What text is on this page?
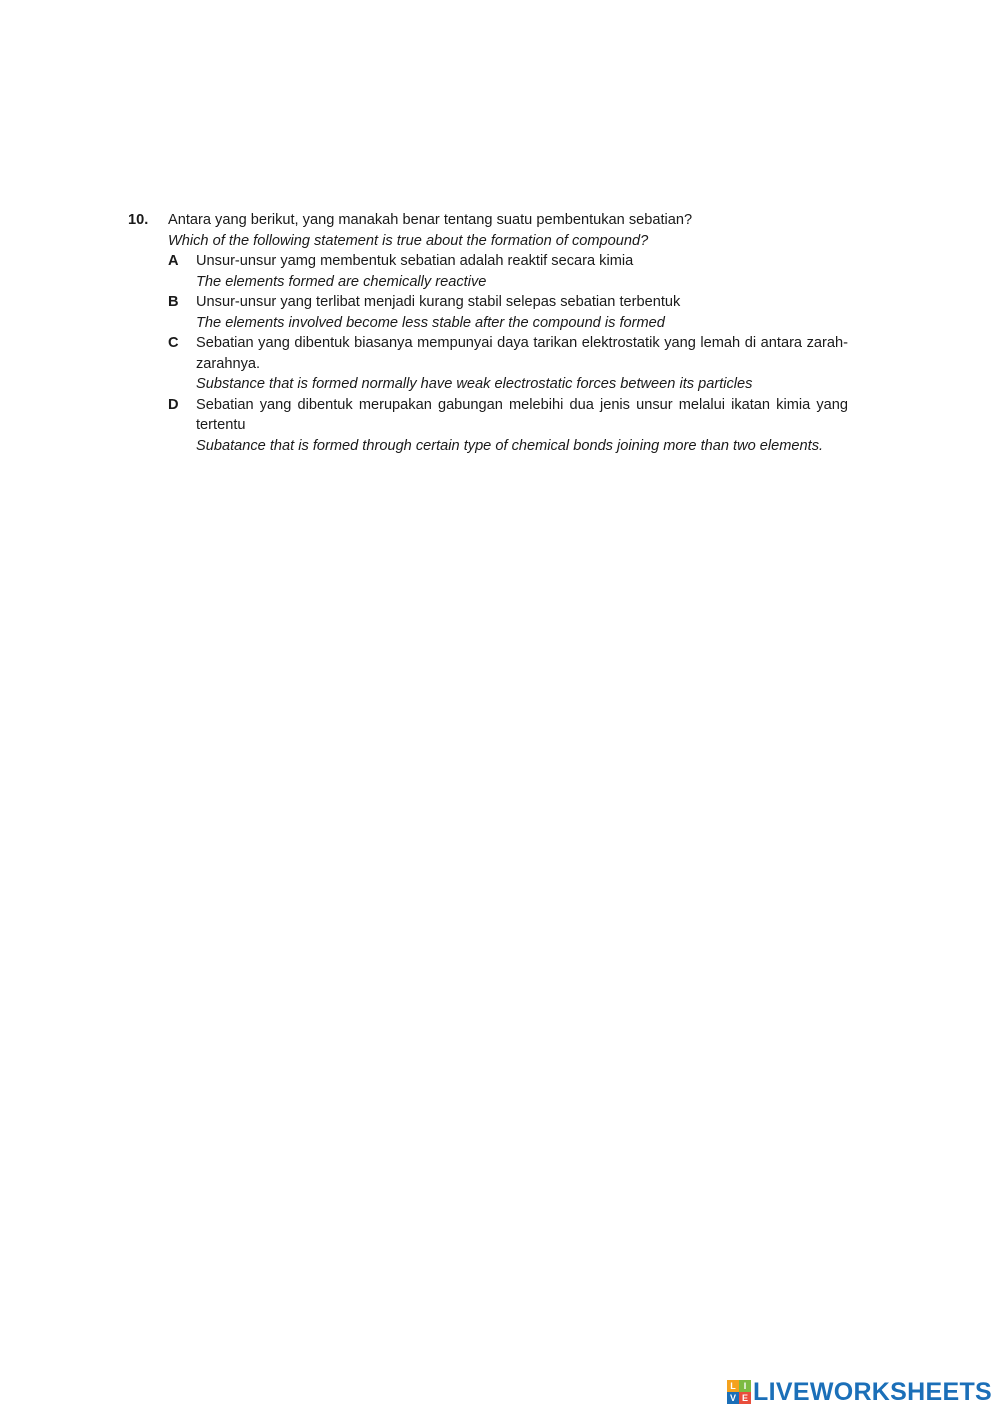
10. Antara yang berikut, yang manakah benar tentang suatu pembentukan sebatian?
Which of the following statement is true about the formation of compound?
A Unsur-unsur yamg membentuk sebatian adalah reaktif secara kimia
The elements formed are chemically reactive
B Unsur-unsur yang terlibat menjadi kurang stabil selepas sebatian terbentuk
The elements involved become less stable after the compound is formed
C Sebatian yang dibentuk biasanya mempunyai daya tarikan elektrostatik yang lemah di antara zarah-zarahnya.
Substance that is formed normally have weak electrostatic forces between its particles
D Sebatian yang dibentuk merupakan gabungan melebihi dua jenis unsur melalui ikatan kimia yang tertentu
Subatance that is formed through certain type of chemical bonds joining more than two elements.
L I
V E LIVEWORKSHEETS
